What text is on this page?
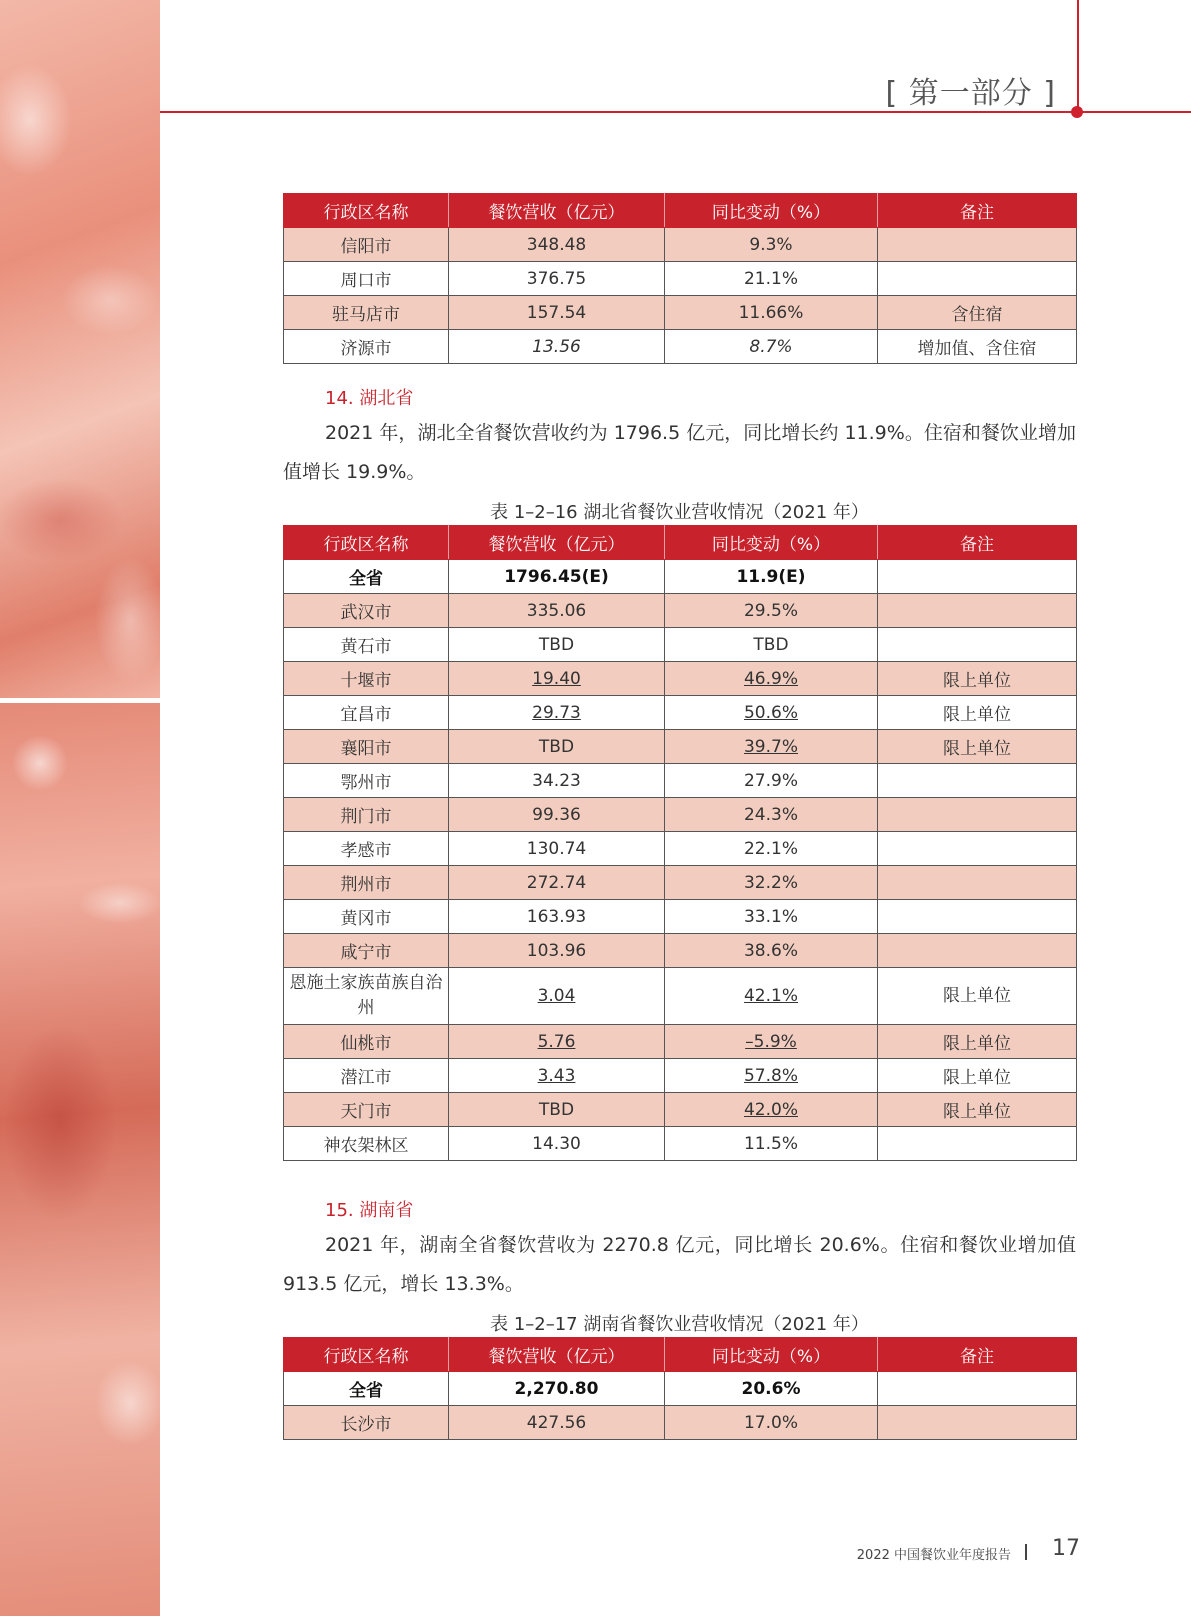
[ 第一部分 ]
行政区名称	餐饮营收（亿元）	同比变动（%）	备注
信阳市	348.48	9.3%	
周口市	376.75	21.1%	
驻马店市	157.54	11.66%	含住宿
济源市	13.56	8.7%	增加值、含住宿
14. 湖北省
2021 年，湖北全省餐饮营收约为 1796.5 亿元，同比增长约 11.9%。住宿和餐饮业增加值增长 19.9%。
表 1–2–16 湖北省餐饮业营收情况（2021 年）
行政区名称	餐饮营收（亿元）	同比变动（%）	备注
全省	1796.45(E)	11.9(E)	
武汉市	335.06	29.5%	
黄石市	TBD	TBD	
十堰市	19.40	46.9%	限上单位
宜昌市	29.73	50.6%	限上单位
襄阳市	TBD	39.7%	限上单位
鄂州市	34.23	27.9%	
荆门市	99.36	24.3%	
孝感市	130.74	22.1%	
荆州市	272.74	32.2%	
黄冈市	163.93	33.1%	
咸宁市	103.96	38.6%	
恩施土家族苗族自治州	3.04	42.1%	限上单位
仙桃市	5.76	–5.9%	限上单位
潜江市	3.43	57.8%	限上单位
天门市	TBD	42.0%	限上单位
神农架林区	14.30	11.5%	
15. 湖南省
2021 年，湖南全省餐饮营收为 2270.8 亿元，同比增长 20.6%。住宿和餐饮业增加值 913.5 亿元，增长 13.3%。
表 1–2–17 湖南省餐饮业营收情况（2021 年）
行政区名称	餐饮营收（亿元）	同比变动（%）	备注
全省	2,270.80	20.6%	
长沙市	427.56	17.0%	
2022 中国餐饮业年度报告 17
